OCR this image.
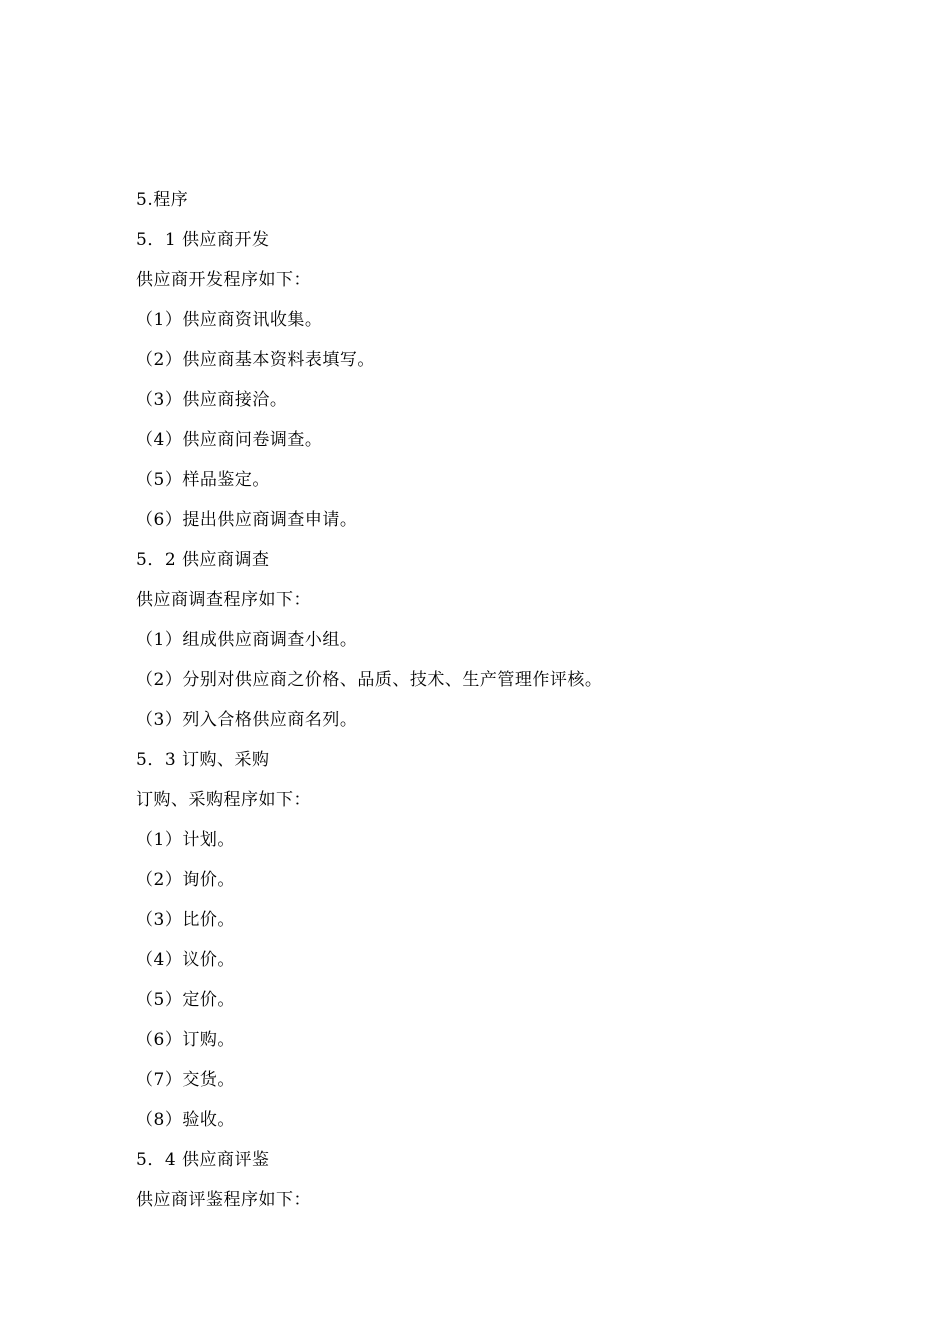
5.程序
5．1 供应商开发
供应商开发程序如下：
（1）供应商资讯收集。
（2）供应商基本资料表填写。
（3）供应商接洽。
（4）供应商问卷调查。
（5）样品鉴定。
（6）提出供应商调查申请。
5．2 供应商调查
供应商调查程序如下：
（1）组成供应商调查小组。
（2）分别对供应商之价格、品质、技术、生产管理作评核。
（3）列入合格供应商名列。
5．3 订购、采购
订购、采购程序如下：
（1）计划。
（2）询价。
（3）比价。
（4）议价。
（5）定价。
（6）订购。
（7）交货。
（8）验收。
5．4 供应商评鉴
供应商评鉴程序如下：
